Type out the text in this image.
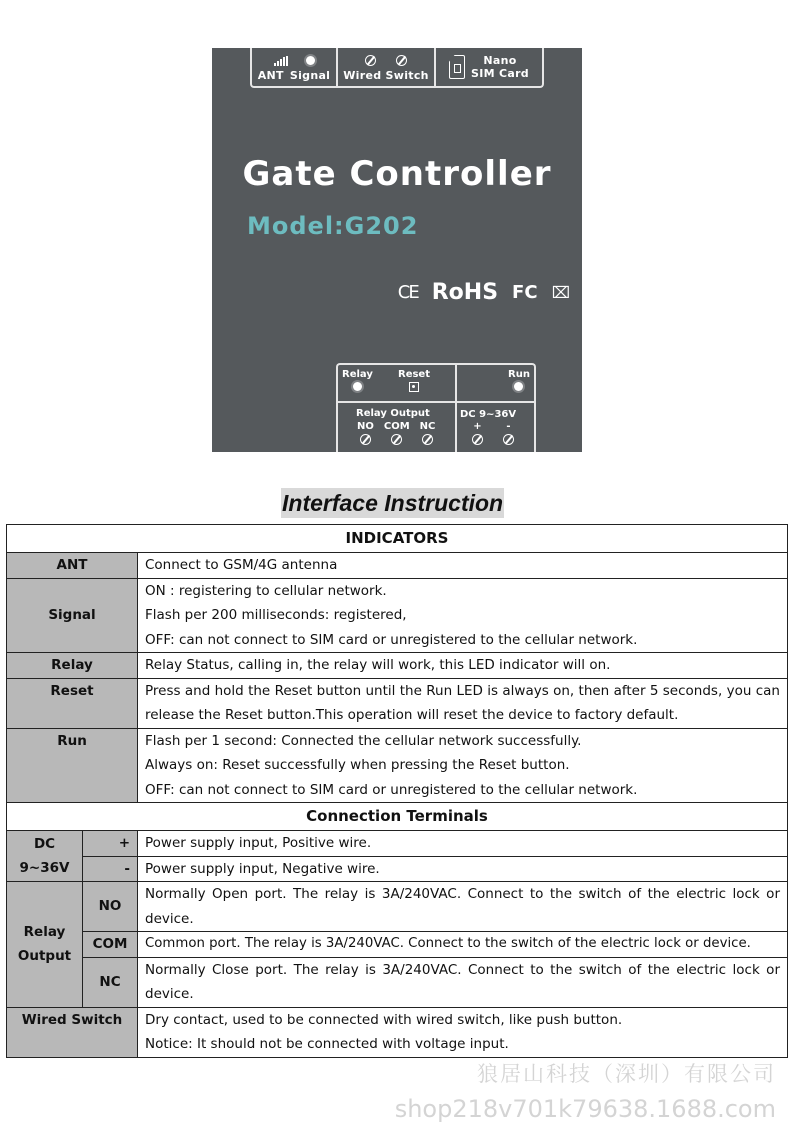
ANT Signal Wired Switch
Nano
SIM Card
Gate Controller
Model:G202
CE RoHS FC ⌧
Relay	Reset	Run
Relay Output
NO COM NC
DC 9~36V
+ -
Interface Instruction
INDICATORS		
ANT		Connect to GSM/4G antenna
Signal		ON : registering to cellular network.
Flash per 200 milliseconds: registered,
OFF: can not connect to SIM card or unregistered to the cellular network.

Relay		Relay Status, calling in, the relay will work, this LED indicator will on.
Reset		Press and hold the Reset button until the Run LED is always on, then after 5 seconds, you can release the Reset button.This operation will reset the device to factory default.
Run		Flash per 1 second: Connected the cellular network successfully.
Always on: Reset successfully when pressing the Reset button.
OFF: can not connect to SIM card or unregistered to the cellular network.

Connection Terminals		

DC
9~36V	+	Power supply input, Positive wire.
	-	Power supply input, Negative wire.

Relay
Output	NO	Normally Open port. The relay is 3A/240VAC. Connect to the switch of the electric lock or device.
	COM	Common port. The relay is 3A/240VAC. Connect to the switch of the electric lock or device.
	NC	Normally Close port. The relay is 3A/240VAC. Connect to the switch of the electric lock or device.
Wired Switch		Dry contact, used to be connected with wired switch, like push button.
Notice: It should not be connected with voltage input.
狼居山科技（深圳）有限公司
shop218v701k79638.1688.com
